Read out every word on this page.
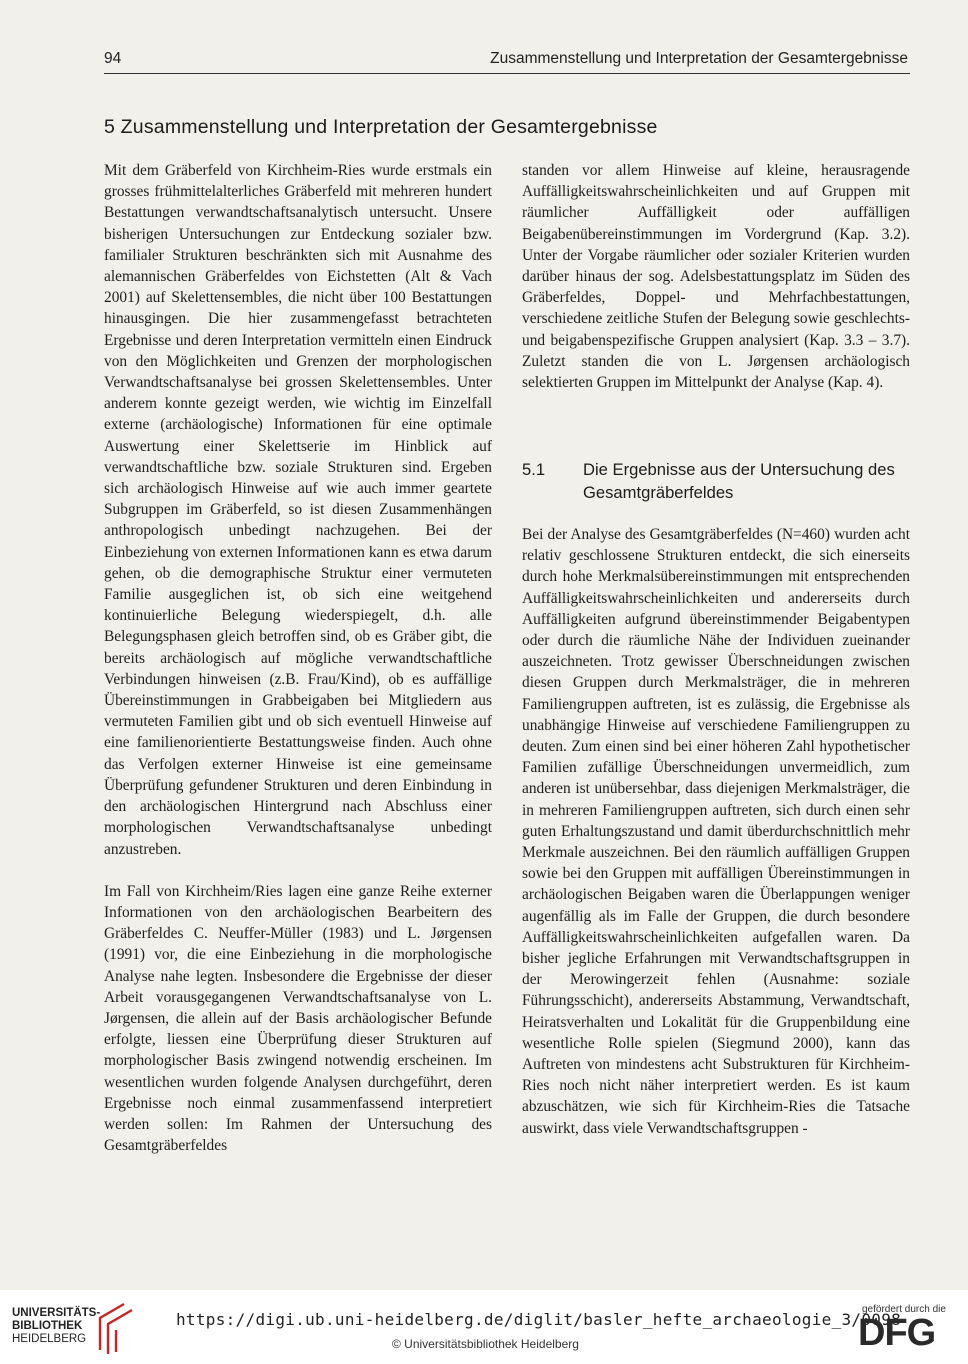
94	Zusammenstellung und Interpretation der Gesamtergebnisse
5 Zusammenstellung und Interpretation der Gesamtergebnisse

Mit dem Gräberfeld von Kirchheim-Ries wurde erstmals ein grosses frühmittelalterliches Gräberfeld mit mehreren hundert Bestattungen verwandtschaftsanalytisch untersucht. Unsere bisherigen Untersuchungen zur Entdeckung sozialer bzw. familialer Strukturen beschränkten sich mit Ausnahme des alemannischen Gräberfeldes von Eichstetten (Alt & Vach 2001) auf Skelettensembles, die nicht über 100 Bestattungen hinausgingen. Die hier zusammengefasst betrachteten Ergebnisse und deren Interpretation vermitteln einen Eindruck von den Möglichkeiten und Grenzen der morphologischen Verwandtschaftsanalyse bei grossen Skelettensembles. Unter anderem konnte gezeigt werden, wie wichtig im Einzelfall externe (archäologische) Informationen für eine optimale Auswertung einer Skelettserie im Hinblick auf verwandtschaftliche bzw. soziale Strukturen sind. Ergeben sich archäologisch Hinweise auf wie auch immer geartete Subgruppen im Gräberfeld, so ist diesen Zusammenhängen anthropologisch unbedingt nachzugehen. Bei der Einbeziehung von externen Informationen kann es etwa darum gehen, ob die demographische Struktur einer vermuteten Familie ausgeglichen ist, ob sich eine weitgehend kontinuierliche Belegung wiederspiegelt, d.h. alle Belegungsphasen gleich betroffen sind, ob es Gräber gibt, die bereits archäologisch auf mögliche verwandtschaftliche Verbindungen hinweisen (z.B. Frau/Kind), ob es auffällige Übereinstimmungen in Grabbeigaben bei Mitgliedern aus vermuteten Familien gibt und ob sich eventuell Hinweise auf eine familienorientierte Bestattungsweise finden. Auch ohne das Verfolgen externer Hinweise ist eine gemeinsame Überprüfung gefundener Strukturen und deren Einbindung in den archäologischen Hintergrund nach Abschluss einer morphologischen Verwandtschaftsanalyse unbedingt anzustreben.

Im Fall von Kirchheim/Ries lagen eine ganze Reihe externer Informationen von den archäologischen Bearbeitern des Gräberfeldes C. Neuffer-Müller (1983) und L. Jørgensen (1991) vor, die eine Einbeziehung in die morphologische Analyse nahe legten. Insbesondere die Ergebnisse der dieser Arbeit vorausgegangenen Verwandtschaftsanalyse von L. Jørgensen, die allein auf der Basis archäologischer Befunde erfolgte, liessen eine Überprüfung dieser Strukturen auf morphologischer Basis zwingend notwendig erscheinen. Im wesentlichen wurden folgende Analysen durchgeführt, deren Ergebnisse noch einmal zusammenfassend interpretiert werden sollen: Im Rahmen der Untersuchung des Gesamtgräberfeldes

standen vor allem Hinweise auf kleine, herausragende Auffälligkeitswahrscheinlichkeiten und auf Gruppen mit räumlicher Auffälligkeit oder auffälligen Beigabenübereinstimmungen im Vordergrund (Kap. 3.2). Unter der Vorgabe räumlicher oder sozialer Kriterien wurden darüber hinaus der sog. Adelsbestattungsplatz im Süden des Gräberfeldes, Doppel- und Mehrfachbestattungen, verschiedene zeitliche Stufen der Belegung sowie geschlechts- und beigabenspezifische Gruppen analysiert (Kap. 3.3 – 3.7). Zuletzt standen die von L. Jørgensen archäologisch selektierten Gruppen im Mittelpunkt der Analyse (Kap. 4).

5.1 Die Ergebnisse aus der Untersuchung des Gesamtgräberfeldes

Bei der Analyse des Gesamtgräberfeldes (N=460) wurden acht relativ geschlossene Strukturen entdeckt, die sich einerseits durch hohe Merkmalsübereinstimmungen mit entsprechenden Auffälligkeitswahrscheinlichkeiten und andererseits durch Auffälligkeiten aufgrund übereinstimmender Beigabentypen oder durch die räumliche Nähe der Individuen zueinander auszeichneten. Trotz gewisser Überschneidungen zwischen diesen Gruppen durch Merkmalsträger, die in mehreren Familiengruppen auftreten, ist es zulässig, die Ergebnisse als unabhängige Hinweise auf verschiedene Familiengruppen zu deuten. Zum einen sind bei einer höheren Zahl hypothetischer Familien zufällige Überschneidungen unvermeidlich, zum anderen ist unübersehbar, dass diejenigen Merkmalsträger, die in mehreren Familiengruppen auftreten, sich durch einen sehr guten Erhaltungszustand und damit überdurchschnittlich mehr Merkmale auszeichnen. Bei den räumlich auffälligen Gruppen sowie bei den Gruppen mit auffälligen Übereinstimmungen in archäologischen Beigaben waren die Überlappungen weniger augenfällig als im Falle der Gruppen, die durch besondere Auffälligkeitswahrscheinlichkeiten aufgefallen waren. Da bisher jegliche Erfahrungen mit Verwandtschaftsgruppen in der Merowingerzeit fehlen (Ausnahme: soziale Führungsschicht), andererseits Abstammung, Verwandtschaft, Heiratsverhalten und Lokalität für die Gruppenbildung eine wesentliche Rolle spielen (Siegmund 2000), kann das Auftreten von mindestens acht Substrukturen für Kirchheim-Ries noch nicht näher interpretiert werden. Es ist kaum abzuschätzen, wie sich für Kirchheim-Ries die Tatsache auswirkt, dass viele Verwandtschaftsgruppen -

UNIVERSITÄTS-
BIBLIOTHEK
HEIDELBERG
https://digi.ub.uni-heidelberg.de/diglit/basler_hefte_archaeologie_3/0098
© Universitätsbibliothek Heidelberg
gefördert durch die
DFG
